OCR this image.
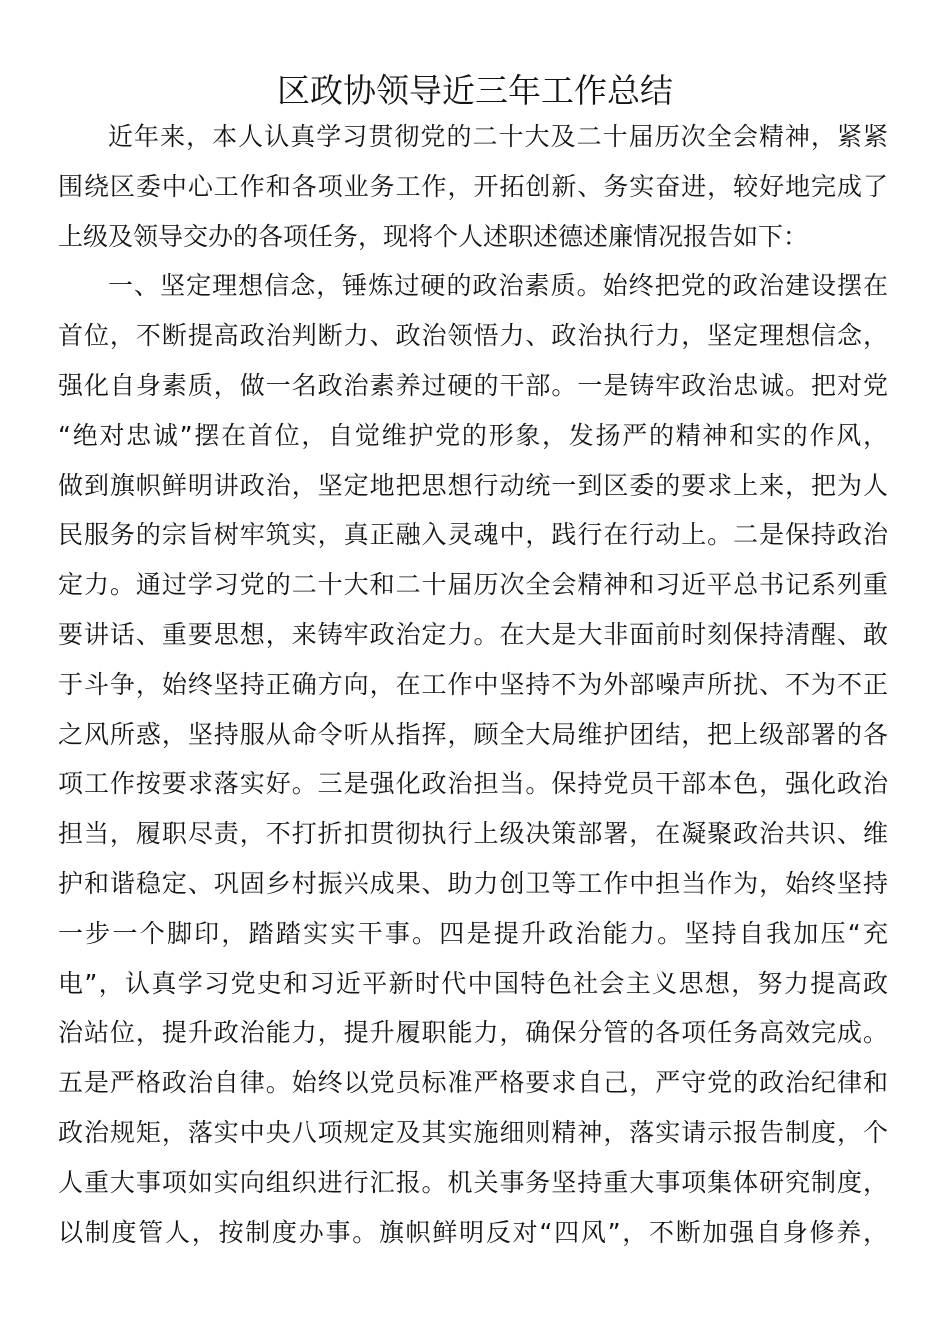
区政协领导近三年工作总结
近年来，本人认真学习贯彻党的二十大及二十届历次全会精神，紧紧
围绕区委中心工作和各项业务工作，开拓创新、务实奋进，较好地完成了
上级及领导交办的各项任务，现将个人述职述德述廉情况报告如下：
一、坚定理想信念，锤炼过硬的政治素质。始终把党的政治建设摆在
首位，不断提高政治判断力、政治领悟力、政治执行力，坚定理想信念，
强化自身素质，做一名政治素养过硬的干部。一是铸牢政治忠诚。把对党
“绝对忠诚”摆在首位，自觉维护党的形象，发扬严的精神和实的作风，
做到旗帜鲜明讲政治，坚定地把思想行动统一到区委的要求上来，把为人
民服务的宗旨树牢筑实，真正融入灵魂中，践行在行动上。二是保持政治
定力。通过学习党的二十大和二十届历次全会精神和习近平总书记系列重
要讲话、重要思想，来铸牢政治定力。在大是大非面前时刻保持清醒、敢
于斗争，始终坚持正确方向，在工作中坚持不为外部噪声所扰、不为不正
之风所惑，坚持服从命令听从指挥，顾全大局维护团结，把上级部署的各
项工作按要求落实好。三是强化政治担当。保持党员干部本色，强化政治
担当，履职尽责，不打折扣贯彻执行上级决策部署，在凝聚政治共识、维
护和谐稳定、巩固乡村振兴成果、助力创卫等工作中担当作为，始终坚持
一步一个脚印，踏踏实实干事。四是提升政治能力。坚持自我加压“充
电”，认真学习党史和习近平新时代中国特色社会主义思想，努力提高政
治站位，提升政治能力，提升履职能力，确保分管的各项任务高效完成。
五是严格政治自律。始终以党员标准严格要求自己，严守党的政治纪律和
政治规矩，落实中央八项规定及其实施细则精神，落实请示报告制度，个
人重大事项如实向组织进行汇报。机关事务坚持重大事项集体研究制度，
以制度管人，按制度办事。旗帜鲜明反对“四风”，不断加强自身修养，
